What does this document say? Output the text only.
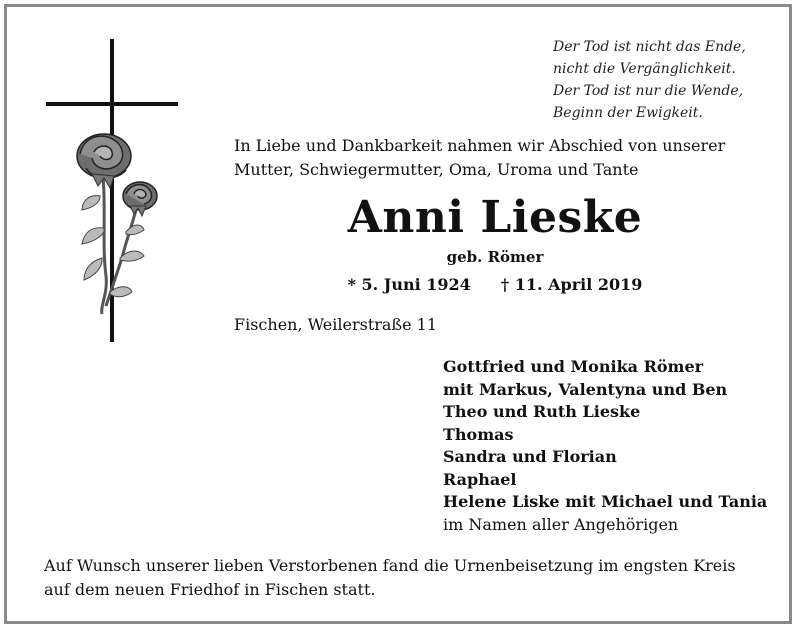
Der Tod ist nicht das Ende,
nicht die Vergänglichkeit.
Der Tod ist nur die Wende,
Beginn der Ewigkeit.
In Liebe und Dankbarkeit nahmen wir Abschied von unserer
Mutter, Schwiegermutter, Oma, Uroma und Tante
Anni Lieske
geb. Römer
* 5. Juni 1924 † 11. April 2019
Fischen, Weilerstraße 11
Gottfried und Monika Römer
mit Markus, Valentyna und Ben
Theo und Ruth Lieske
Thomas
Sandra und Florian
Raphael
Helene Liske mit Michael und Tania
im Namen aller Angehörigen
Auf Wunsch unserer lieben Verstorbenen fand die Urnenbeisetzung im engsten Kreis
auf dem neuen Friedhof in Fischen statt.
